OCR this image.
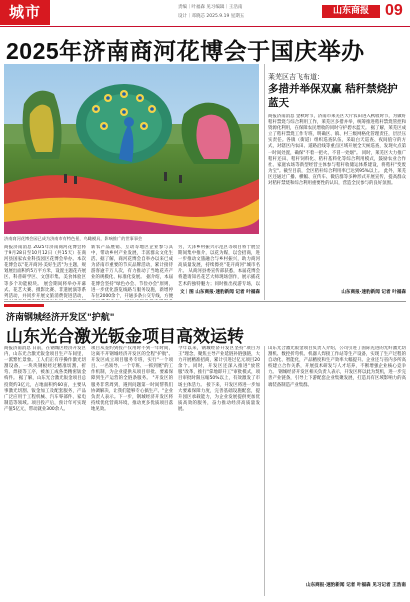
城市	责编｜叶福森 见习编辑｜王浩南
设计｜邓晓芯 2025.9.19 星期五
山东商报	09
2025年济南商河花博会于国庆举办
济南商河花博会园已成为济南市有特色景，鸟瞰模具，影响推广的世事事会
商报济南消息 2025年济南商河花博会将于9月28日至10月12日（共15天）在商河县国家农业科技园区花博会举办。本次花博会以"花开商河·美好生活"为主题，规划展出面积约5万平方米，设置主题花卉展区、科普研学区、文创市集、美食体验区等多个功能板块。 展会期间将举办开幕式、花艺大赛、摄影比赛、非遗展演等系列活动，并同步开展文旅消费促进活动，
新农产品展销、互动等地区企业参与其中，带动乡村产业发展，丰富群众文化生活。据了解，商河花博会自举办以来已成为济南市重要的节庆品牌活动，累计接待游客逾千万人次，有力推动了当地花卉产业的规模化、标准化发展。 据介绍，本届花博会坚持"绿色办会、节俭办会"原则，进一步优化游览线路与服务设施，新增停车位2000余个，开通多条公交专线，方便
另，天泽乡村振兴示范区等项目将于展会期间集中推介，以花为媒，以会招商，进一步推动文旅融合与乡村振兴，助力商河高质量发展，持续擦亮"花开商河"城市名片。 从商河县委宣传部获悉，本届花博会将邀请知名花艺大师现场创作，展示插花艺术的独特魅力；同时推出夜游专场，以
文｜图 山东商报·速豹新闻 记者 叶福森
莱芜区吉飞布道：
多措并举保双赢 秸秆禁烧护蓝天
商报济南消息 金秋时节，济南市莱芜区大片农田进入秋收时节，为做好秸秆禁烧与综合利用工作，莱芜区多措并举，统筹推进秸秆禁烧管控和资源化利用，在保障农民增收的同时守护碧水蓝天。 据了解，莱芜区成立了秸秆禁烧工作专班，明确区、镇、村三级网格化管理责任，层层压实责任。各镇（街道）组织巡查队伍，采取白天巡查、夜间值守的方式，对辖区内农田、道路沿线等重点区域开展全天候巡查，发现火点第一时间处置，确保"不着一把火、不冒一处烟"。 同时，莱芜区大力推广秸秆还田、秸秆饲料化、秸秆基料化等综合利用模式，鼓励农业合作社、家庭农场等新型经营主体参与秸秆收储运体系建设，将秸秆"变废为宝"。截至目前，全区秸秆综合利用率已达到95%以上。 此外，莱芜区还通过广播、横幅、宣传车、微信群等多种形式开展宣传，提高群众对秸秆禁烧和综合利用重要性的认识，营造全民参与的良好氛围。
山东商报·速豹新闻 记者 叶福森
济南钢城经济开发区"护航"
山东光合激光钣金项目高效运转
商报济南消息 日前，在钢城区经济开发区内，山东光合激光钣金项目生产车间里，一派繁忙景象。工人们正有序操作激光切割设备，一块块钢板经过精准切割、折弯、焊接等工序，被加工成各类精密钣金构件。 据了解，山东光合激光钣金项目总投资约3亿元，占地面积约60亩，主要从事激光切割、钣金加工及配套服务，产品广泛应用于工程机械、汽车零部件、家电制造等领域。项目投产后，预计年可实现产值5亿元，带动就业300余人。
项目从签约到投产仅用时不到一年时间，这离不开钢城经济开发区的全程"护航"。开发区成立项目服务专班，实行"一个项目、一名领导、一个专班、一抓到底"的工作机制，为企业提供从项目审批、要素保障到生产运营的全链条服务。 "开发区的服务非常周到，遇到问题第一时间帮我们协调解决，让我们能够专心搞生产。"企业负责人表示。下一步，钢城经济开发区将持续优化营商环境，推动更多优质项目落地见效。
今年以来，钢城经济开发区坚持"项目为王"理念，聚焦主导产业延链补链强链，大力开展精准招商，累计引进过亿元项目20余个。同时，开发区还深入推进"放管服"改革，推行"拿地即开工"审批模式，项目审批时限压缩50%以上，有效激发了市场主体活力。 接下来，开发区将进一步加大要素保障力度，完善基础设施配套，提升园区承载能力，为企业发展提供更加优质高效的服务，奋力推动经济高质量发展。
山东光合激光钣金项目负责人介绍，公司引进了国际先进的光纤激光切割机、数控折弯机、机器人焊接工作站等生产设备，实现了生产过程的自动化、智能化，产品精度和生产效率大幅提升。企业还与省内多所高校建立合作关系，开展技术研发与人才培养，不断增强企业核心竞争力。 钢城经济开发区相关负责人表示，开发区将以此为契机，进一步完善产业链条，引导上下游配套企业集聚发展，打造具有区域影响力的高端装备制造产业集群。
山东商报·速豹新闻 记者 叶福森 见习记者 王浩南
